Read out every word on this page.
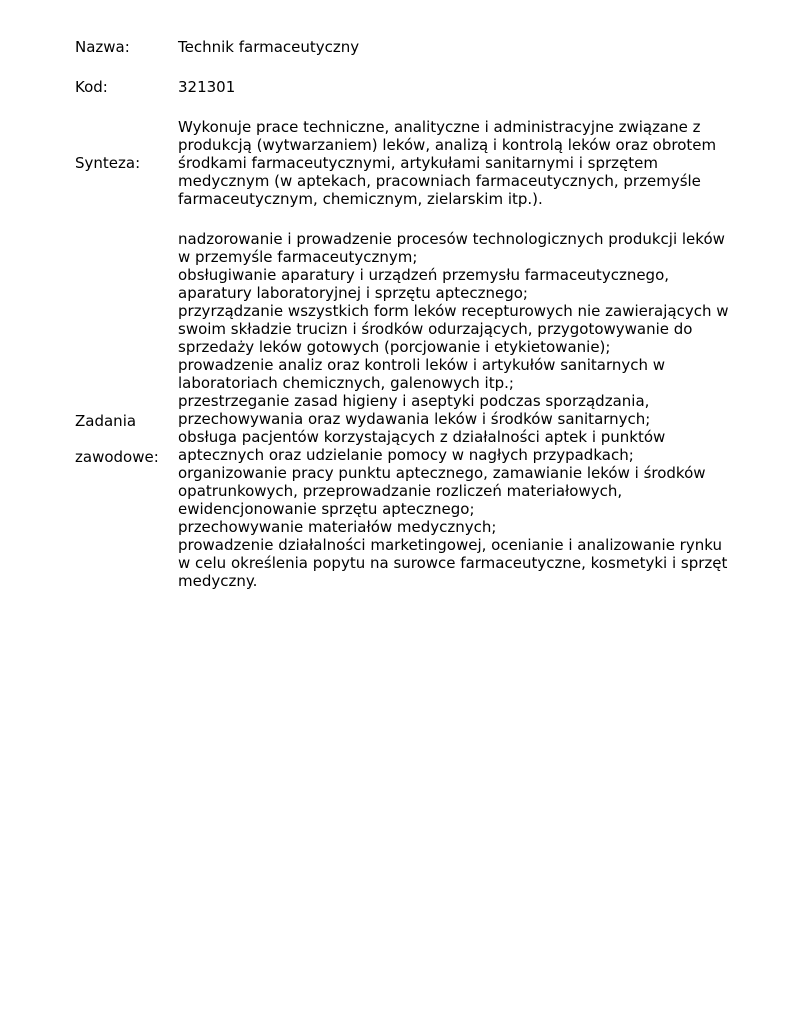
Nazwa:	Technik farmaceutyczny
Kod:	321301
Synteza:
Wykonuje prace techniczne, analityczne i administracyjne związane z
produkcją (wytwarzaniem) leków, analizą i kontrolą leków oraz obrotem
środkami farmaceutycznymi, artykułami sanitarnymi i sprzętem
medycznym (w aptekach, pracowniach farmaceutycznych, przemyśle
farmaceutycznym, chemicznym, zielarskim itp.).

Zadania

zawodowe:

nadzorowanie i prowadzenie procesów technologicznych produkcji leków
w przemyśle farmaceutycznym;
obsługiwanie aparatury i urządzeń przemysłu farmaceutycznego,
aparatury laboratoryjnej i sprzętu aptecznego;
przyrządzanie wszystkich form leków recepturowych nie zawierających w
swoim składzie trucizn i środków odurzających, przygotowywanie do
sprzedaży leków gotowych (porcjowanie i etykietowanie);
prowadzenie analiz oraz kontroli leków i artykułów sanitarnych w
laboratoriach chemicznych, galenowych itp.;
przestrzeganie zasad higieny i aseptyki podczas sporządzania,
przechowywania oraz wydawania leków i środków sanitarnych;
obsługa pacjentów korzystających z działalności aptek i punktów
aptecznych oraz udzielanie pomocy w nagłych przypadkach;
organizowanie pracy punktu aptecznego, zamawianie leków i środków
opatrunkowych, przeprowadzanie rozliczeń materiałowych,
ewidencjonowanie sprzętu aptecznego;
przechowywanie materiałów medycznych;
prowadzenie działalności marketingowej, ocenianie i analizowanie rynku
w celu określenia popytu na surowce farmaceutyczne, kosmetyki i sprzęt
medyczny.
